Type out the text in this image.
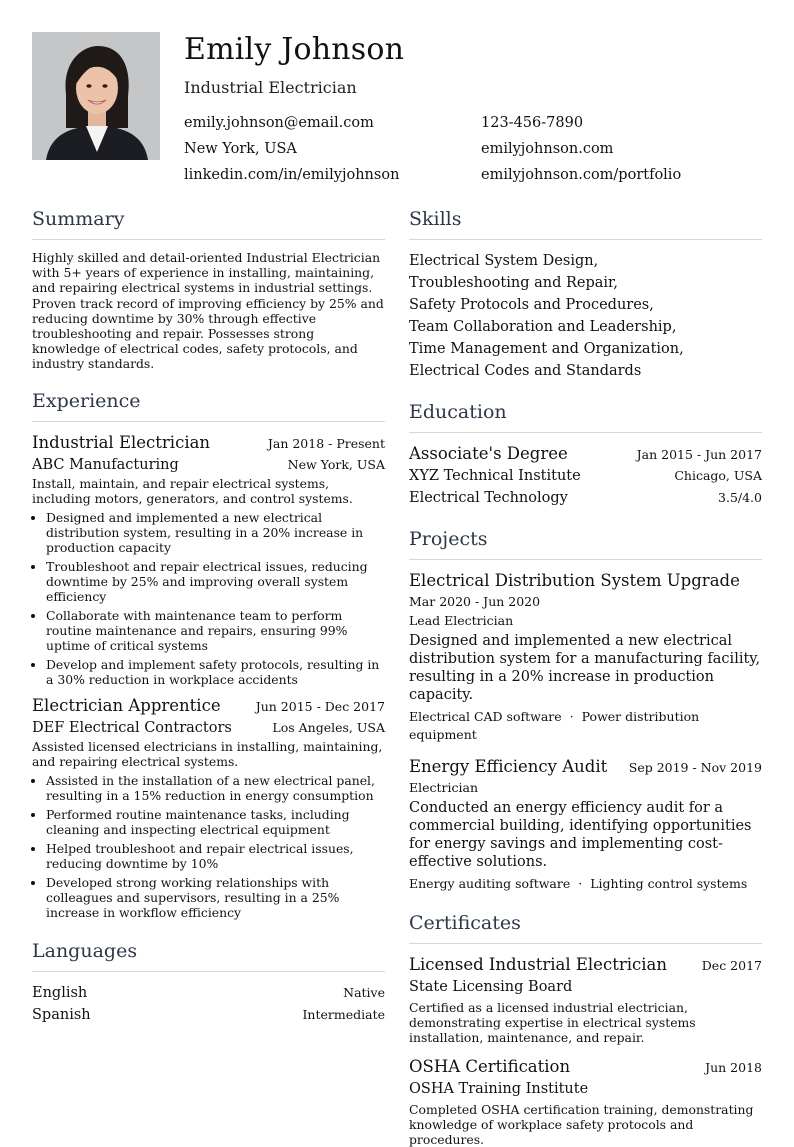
Emily Johnson
Industrial Electrician
emily.johnson@email.com	123-456-7890
New York, USA	emilyjohnson.com
linkedin.com/in/emilyjohnson	emilyjohnson.com/portfolio
Summary

Highly skilled and detail-oriented Industrial Electrician with 5+ years of experience in installing, maintaining, and repairing electrical systems in industrial settings. Proven track record of improving efficiency by 25% and reducing downtime by 30% through effective troubleshooting and repair. Possesses strong knowledge of electrical codes, safety protocols, and industry standards.

Experience
Industrial Electrician	Jan 2018 - Present
ABC Manufacturing	New York, USA

Install, maintain, and repair electrical systems, including motors, generators, and control systems.

• Designed and implemented a new electrical distribution system, resulting in a 20% increase in production capacity
• Troubleshoot and repair electrical issues, reducing downtime by 25% and improving overall system efficiency
• Collaborate with maintenance team to perform routine maintenance and repairs, ensuring 99% uptime of critical systems
• Develop and implement safety protocols, resulting in a 30% reduction in workplace accidents
Electrician Apprentice	Jun 2015 - Dec 2017
DEF Electrical Contractors	Los Angeles, USA

Assisted licensed electricians in installing, maintaining, and repairing electrical systems.

• Assisted in the installation of a new electrical panel, resulting in a 15% reduction in energy consumption
• Performed routine maintenance tasks, including cleaning and inspecting electrical equipment
• Helped troubleshoot and repair electrical issues, reducing downtime by 10%
• Developed strong working relationships with colleagues and supervisors, resulting in a 25% increase in workflow efficiency
Languages
English	Native
Spanish	Intermediate
Skills
Electrical System Design,
Troubleshooting and Repair,
Safety Protocols and Procedures,
Team Collaboration and Leadership,
Time Management and Organization,
Electrical Codes and Standards
Education
Associate's Degree	Jan 2015 - Jun 2017
XYZ Technical Institute	Chicago, USA
Electrical Technology	3.5/4.0
Projects
Electrical Distribution System Upgrade
Mar 2020 - Jun 2020
Lead Electrician

Designed and implemented a new electrical distribution system for a manufacturing facility, resulting in a 20% increase in production capacity.

Electrical CAD software · Power distribution equipment
Energy Efficiency Audit	Sep 2019 - Nov 2019
Electrician

Conducted an energy efficiency audit for a commercial building, identifying opportunities for energy savings and implementing cost-effective solutions.

Energy auditing software · Lighting control systems
Certificates
Licensed Industrial Electrician	Dec 2017
State Licensing Board

Certified as a licensed industrial electrician, demonstrating expertise in electrical systems installation, maintenance, and repair.

OSHA Certification	Jun 2018
OSHA Training Institute

Completed OSHA certification training, demonstrating knowledge of workplace safety protocols and procedures.
